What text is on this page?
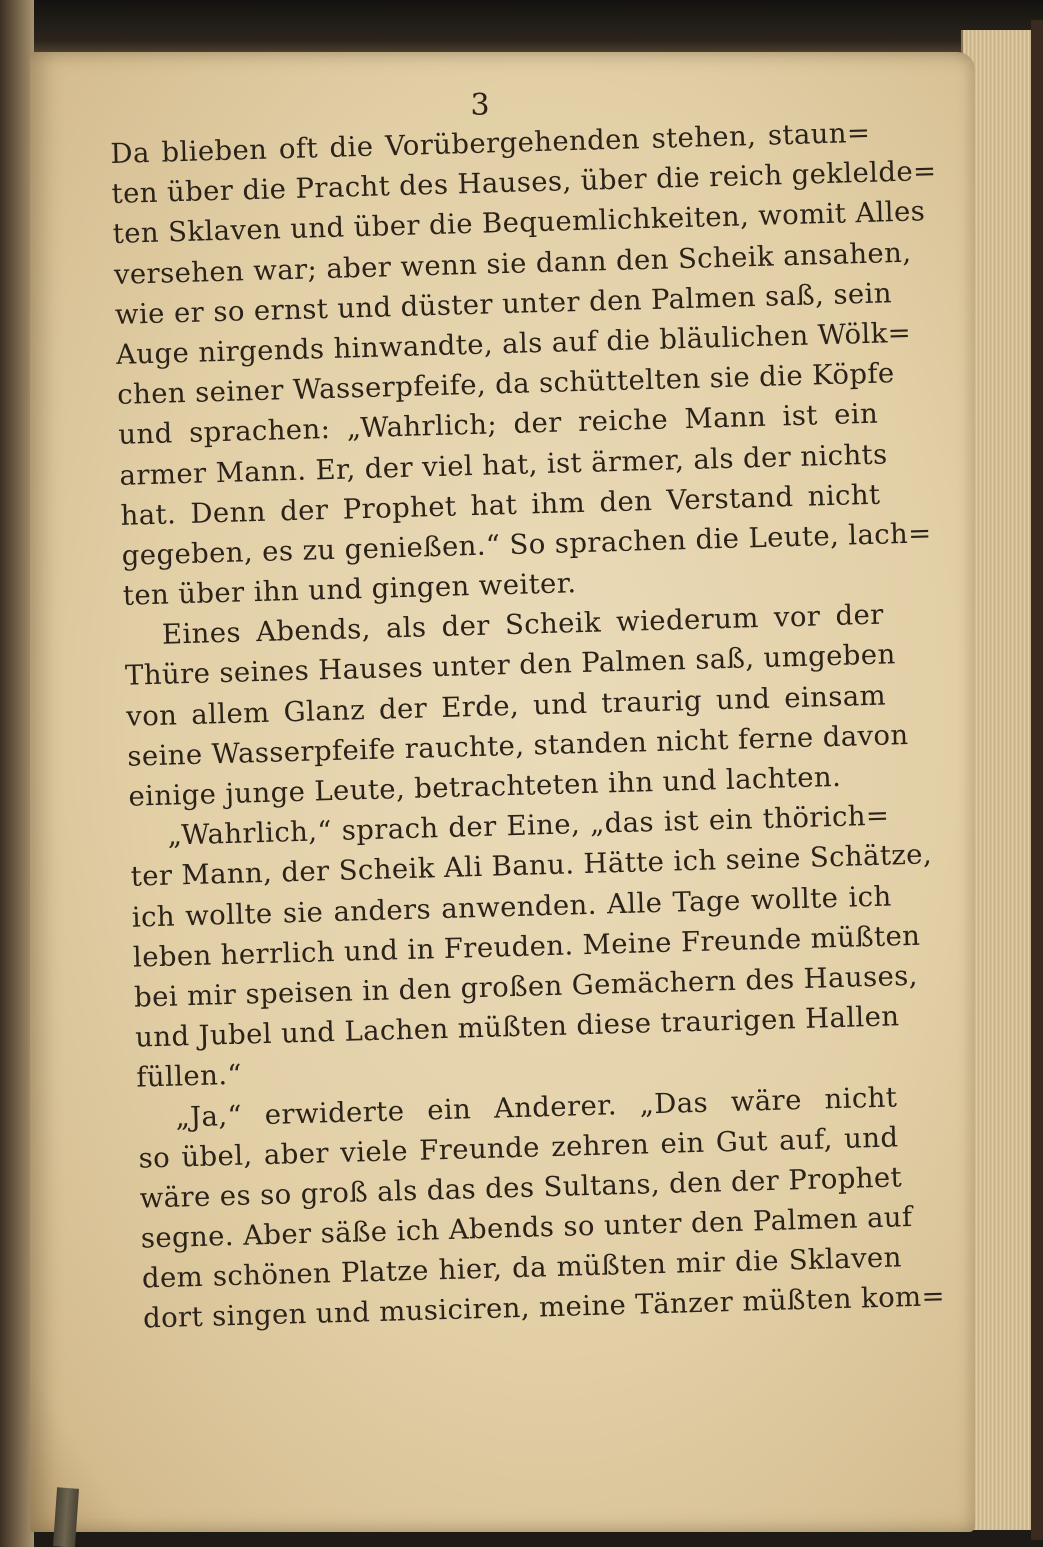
3
Da blieben oft die Vorübergehenden stehen, staun=
ten über die Pracht des Hauses, über die reich geklelde=
ten Sklaven und über die Bequemlichkeiten, womit Alles
versehen war; aber wenn sie dann den Scheik ansahen,
wie er so ernst und düster unter den Palmen saß, sein
Auge nirgends hinwandte, als auf die bläulichen Wölk=
chen seiner Wasserpfeife, da schüttelten sie die Köpfe
und sprachen: „Wahrlich; der reiche Mann ist ein
armer Mann. Er, der viel hat, ist ärmer, als der nichts
hat. Denn der Prophet hat ihm den Verstand nicht
gegeben, es zu genießen.“ So sprachen die Leute, lach=
ten über ihn und gingen weiter.
Eines Abends, als der Scheik wiederum vor der
Thüre seines Hauses unter den Palmen saß, umgeben
von allem Glanz der Erde, und traurig und einsam
seine Wasserpfeife rauchte, standen nicht ferne davon
einige junge Leute, betrachteten ihn und lachten.
„Wahrlich,“ sprach der Eine, „das ist ein thörich=
ter Mann, der Scheik Ali Banu. Hätte ich seine Schätze,
ich wollte sie anders anwenden. Alle Tage wollte ich
leben herrlich und in Freuden. Meine Freunde müßten
bei mir speisen in den großen Gemächern des Hauses,
und Jubel und Lachen müßten diese traurigen Hallen
füllen.“
„Ja,“ erwiderte ein Anderer. „Das wäre nicht
so übel, aber viele Freunde zehren ein Gut auf, und
wäre es so groß als das des Sultans, den der Prophet
segne. Aber säße ich Abends so unter den Palmen auf
dem schönen Platze hier, da müßten mir die Sklaven
dort singen und musiciren, meine Tänzer müßten kom=
